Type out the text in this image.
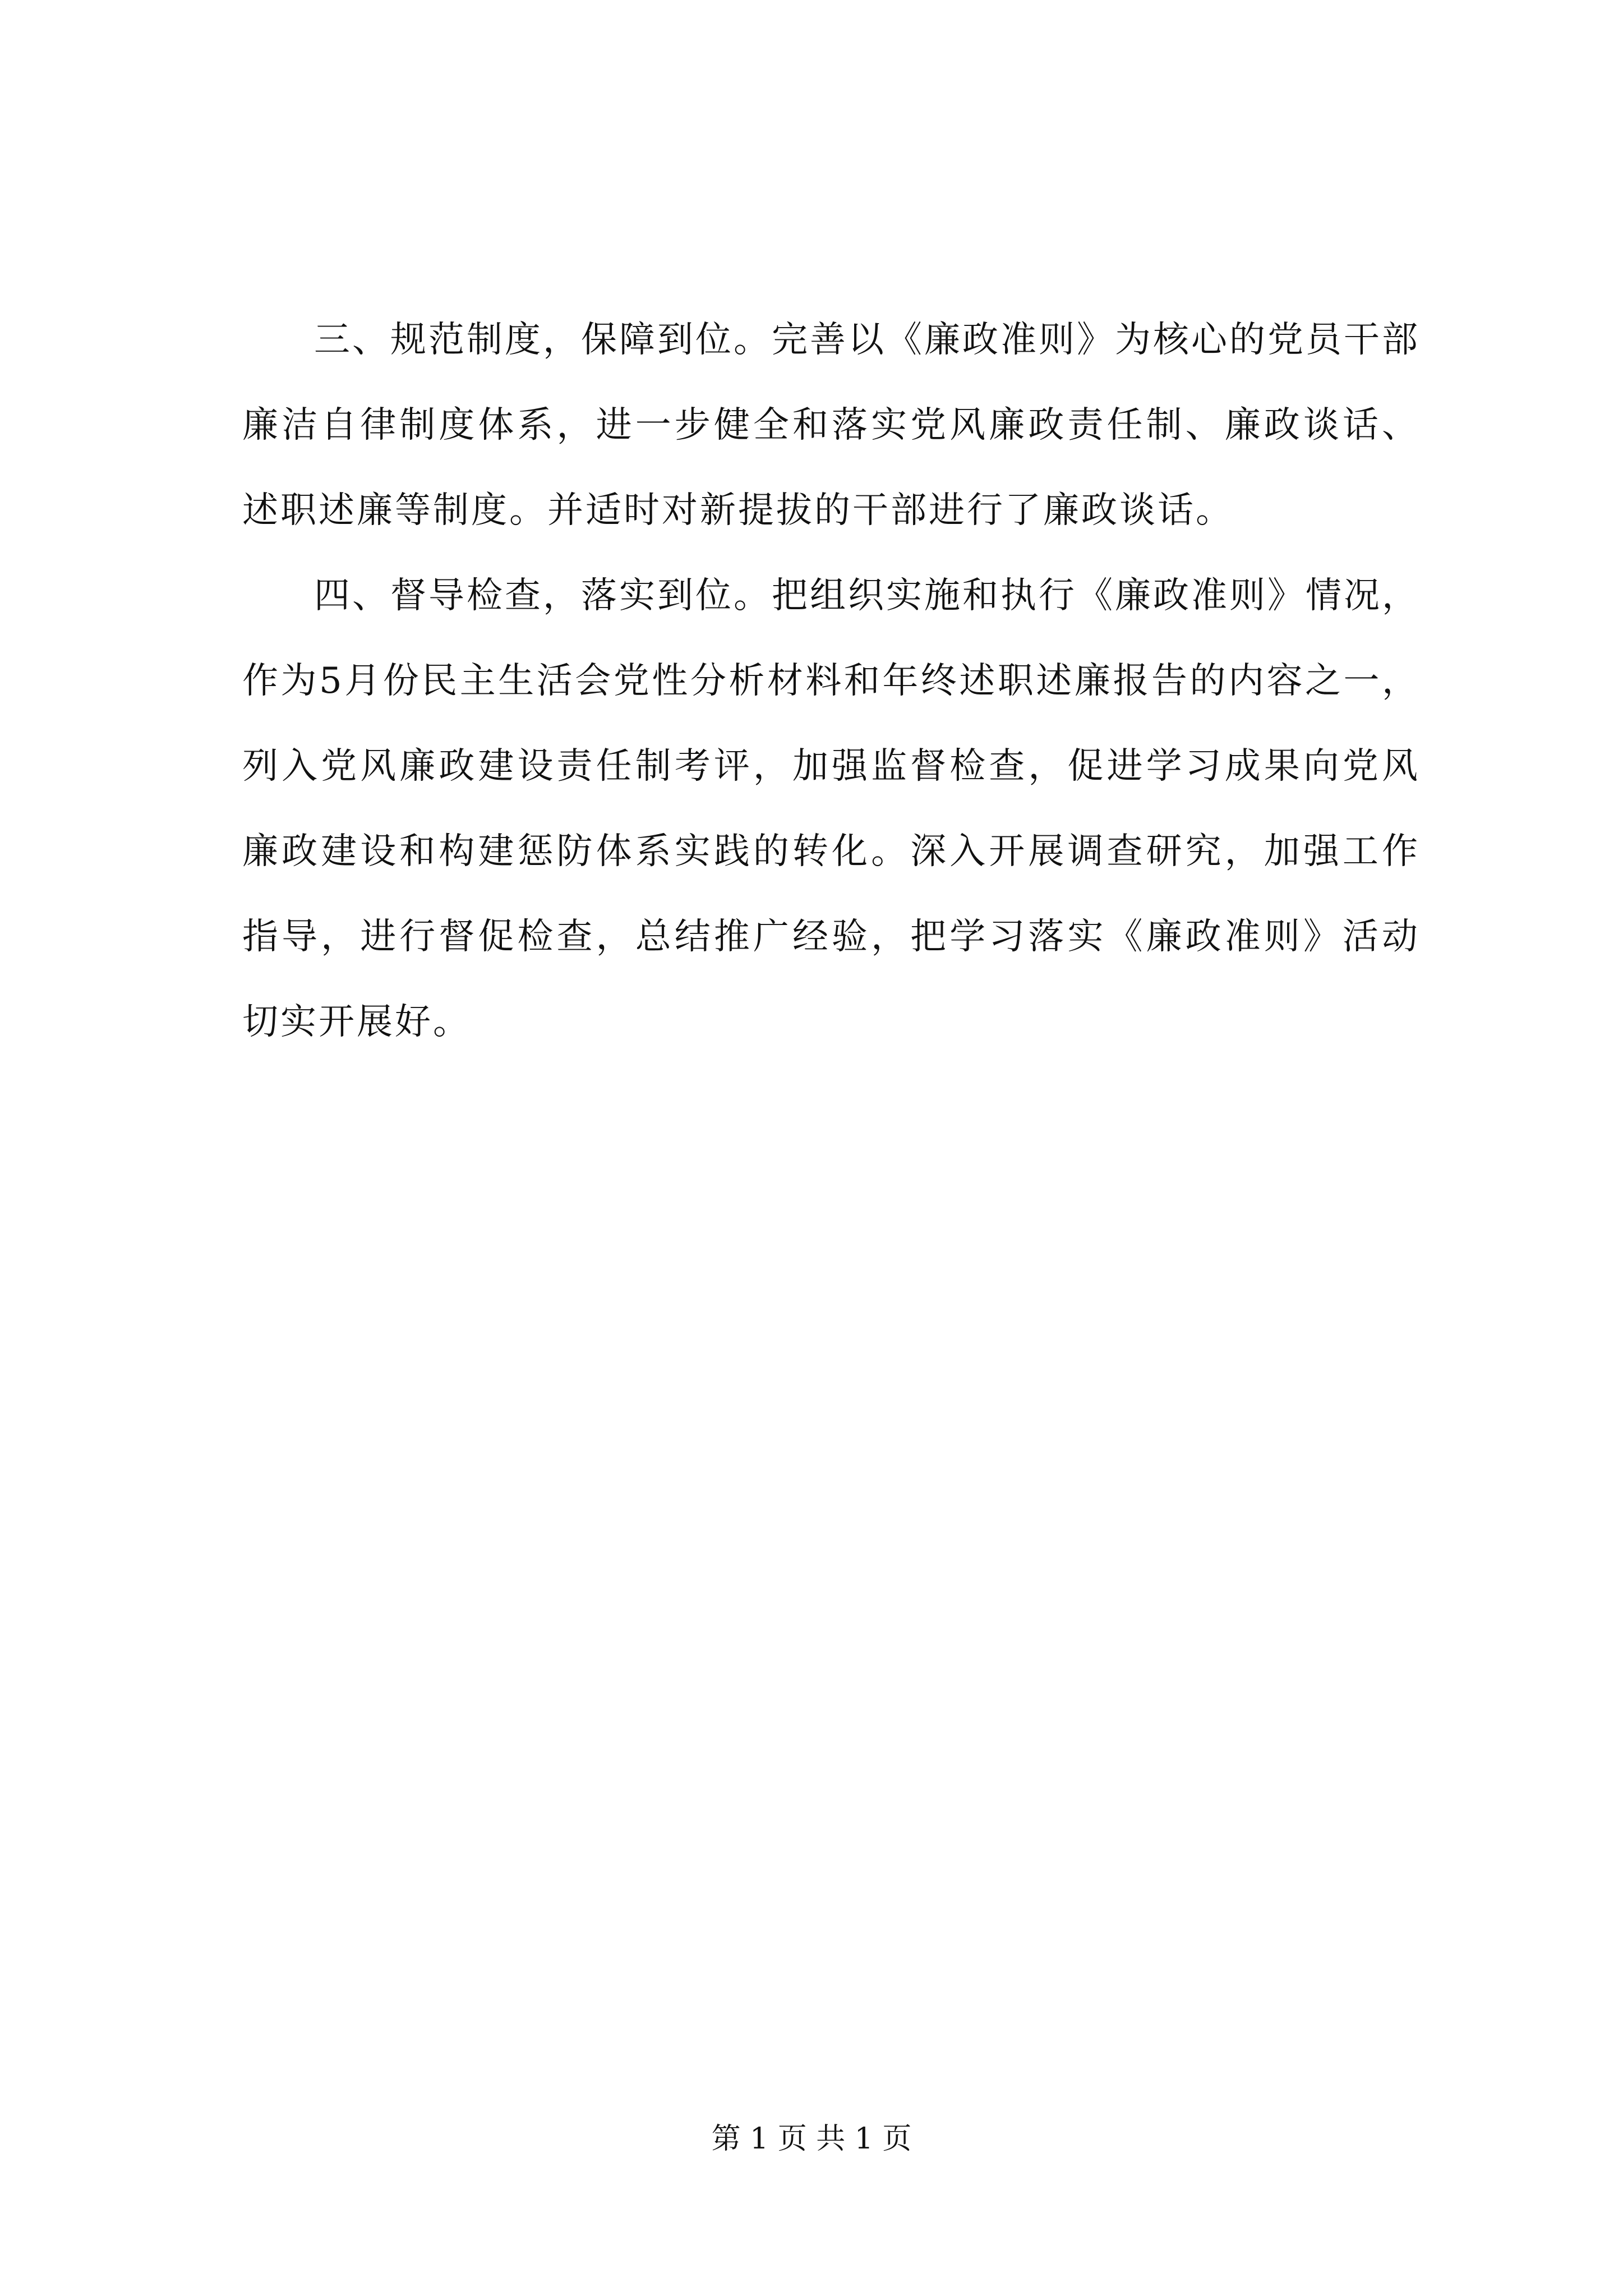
三、规范制度，保障到位。完善以《廉政准则》为核心的党员干部廉洁自律制度体系，进一步健全和落实党风廉政责任制、廉政谈话、述职述廉等制度。并适时对新提拔的干部进行了廉政谈话。

四、督导检查，落实到位。把组织实施和执行《廉政准则》情况，作为5月份民主生活会党性分析材料和年终述职述廉报告的内容之一，列入党风廉政建设责任制考评，加强监督检查，促进学习成果向党风廉政建设和构建惩防体系实践的转化。深入开展调查研究，加强工作指导，进行督促检查，总结推广经验，把学习落实《廉政准则》活动切实开展好。

第 1 页 共 1 页
